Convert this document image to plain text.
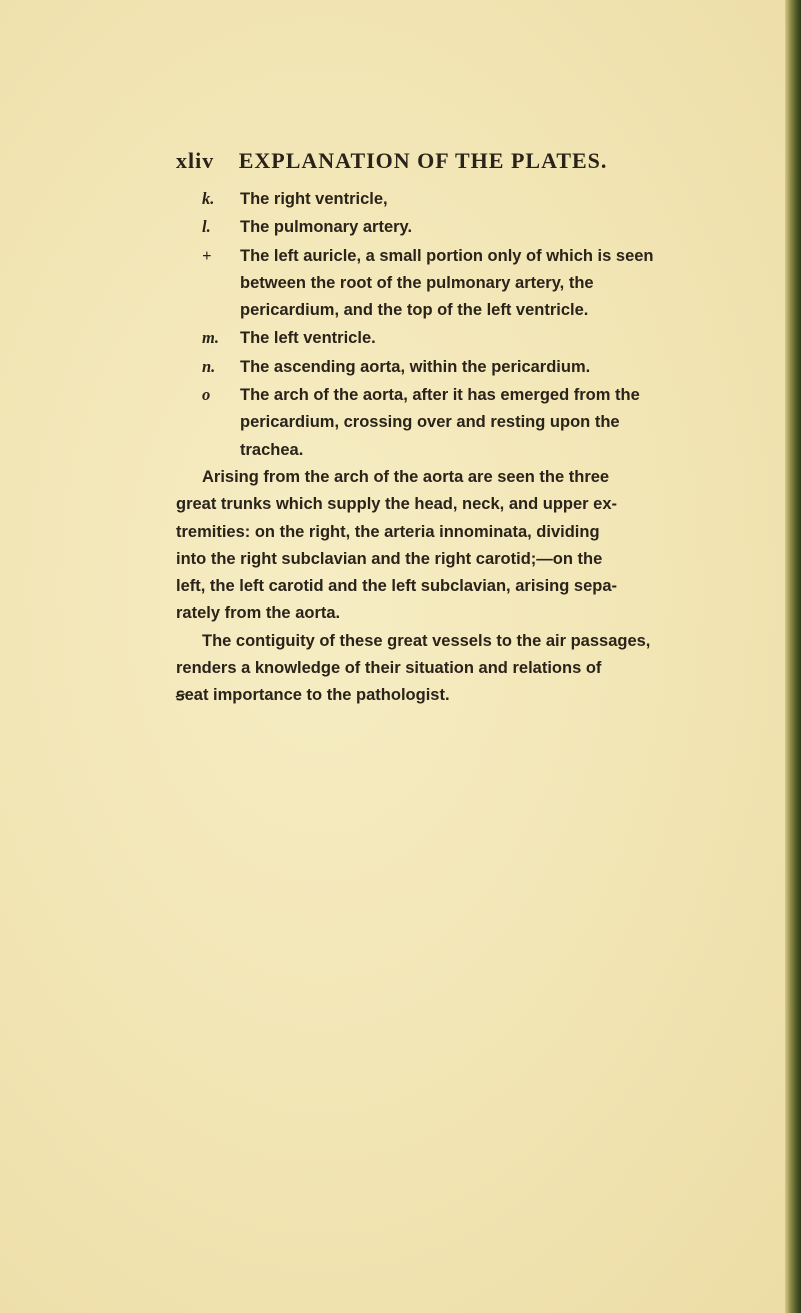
xliv EXPLANATION OF THE PLATES.
k. The right ventricle,
l. The pulmonary artery.
+ The left auricle, a small portion only of which is seen
between the root of the pulmonary artery, the
pericardium, and the top of the left ventricle.
m. The left ventricle.
n. The ascending aorta, within the pericardium.
o The arch of the aorta, after it has emerged from the
pericardium, crossing over and resting upon the
trachea.
Arising from the arch of the aorta are seen the three
great trunks which supply the head, neck, and upper ex-
tremities: on the right, the arteria innominata, dividing
into the right subclavian and the right carotid;—on the
left, the left carotid and the left subclavian, arising sepa-
rately from the aorta.
The contiguity of these great vessels to the air passages,
renders a knowledge of their situation and relations of
ꞩeat importance to the pathologist.
